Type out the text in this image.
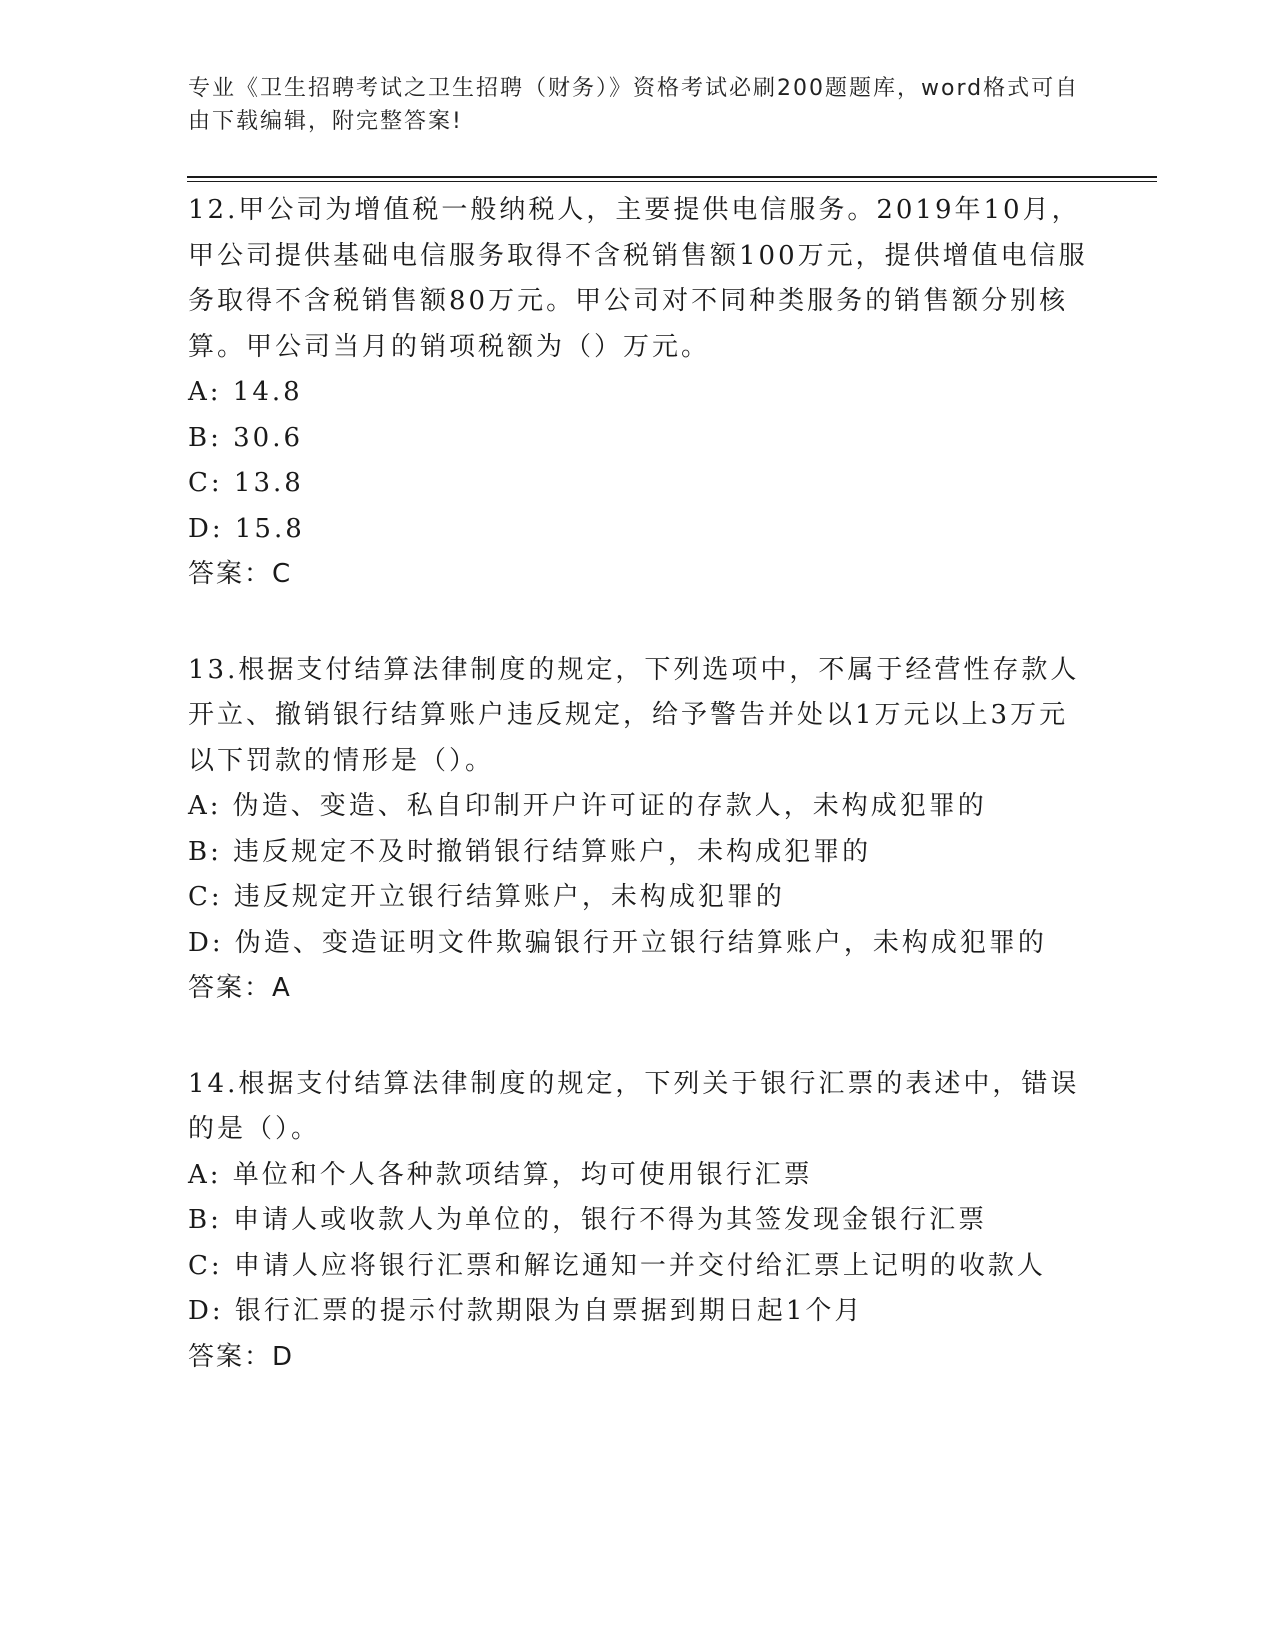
专业《卫生招聘考试之卫生招聘（财务）》资格考试必刷200题题库，word格式可自由下载编辑，附完整答案!
12.甲公司为增值税一般纳税人，主要提供电信服务。2019年10月，甲公司提供基础电信服务取得不含税销售额100万元，提供增值电信服务取得不含税销售额80万元。甲公司对不同种类服务的销售额分别核算。甲公司当月的销项税额为（）万元。
A: 14.8
B: 30.6
C: 13.8
D: 15.8
答案：C
13.根据支付结算法律制度的规定，下列选项中，不属于经营性存款人开立、撤销银行结算账户违反规定，给予警告并处以1万元以上3万元以下罚款的情形是（）。
A: 伪造、变造、私自印制开户许可证的存款人，未构成犯罪的
B: 违反规定不及时撤销银行结算账户，未构成犯罪的
C: 违反规定开立银行结算账户，未构成犯罪的
D: 伪造、变造证明文件欺骗银行开立银行结算账户，未构成犯罪的
答案：A
14.根据支付结算法律制度的规定，下列关于银行汇票的表述中，错误的是（）。
A: 单位和个人各种款项结算，均可使用银行汇票
B: 申请人或收款人为单位的，银行不得为其签发现金银行汇票
C: 申请人应将银行汇票和解讫通知一并交付给汇票上记明的收款人
D: 银行汇票的提示付款期限为自票据到期日起1个月
答案：D
